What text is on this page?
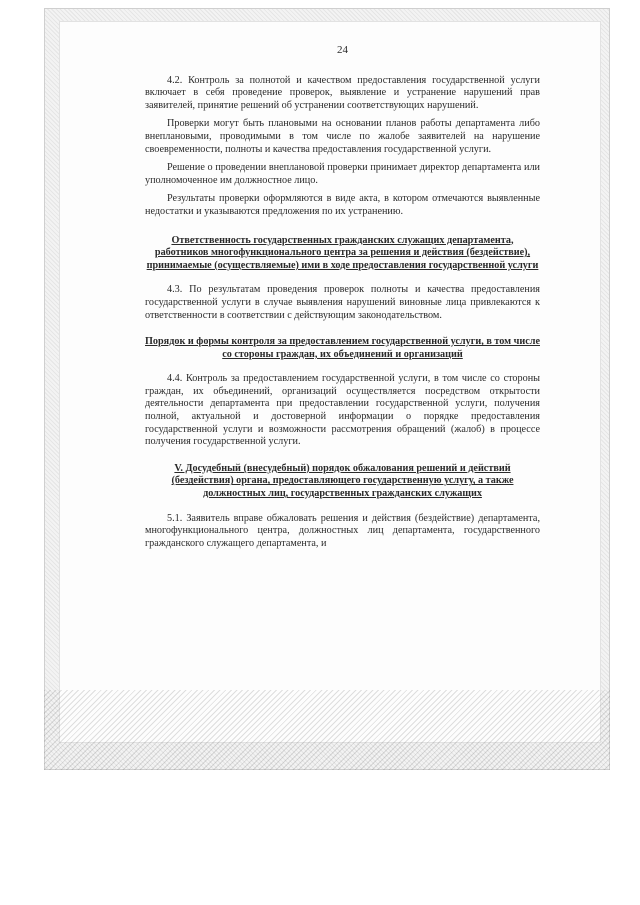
24

4.2. Контроль за полнотой и качеством предоставления государственной услуги включает в себя проведение проверок, выявление и устранение нарушений прав заявителей, принятие решений об устранении соответствующих нарушений.

Проверки могут быть плановыми на основании планов работы департамента либо внеплановыми, проводимыми в том числе по жалобе заявителей на нарушение своевременности, полноты и качества предоставления государственной услуги.

Решение о проведении внеплановой проверки принимает директор департамента или уполномоченное им должностное лицо.

Результаты проверки оформляются в виде акта, в котором отмечаются выявленные недостатки и указываются предложения по их устранению.

Ответственность государственных гражданских служащих департамента, работников многофункционального центра за решения и действия (бездействие), принимаемые (осуществляемые) ими в ходе предоставления государственной услуги

4.3. По результатам проведения проверок полноты и качества предоставления государственной услуги в случае выявления нарушений виновные лица привлекаются к ответственности в соответствии с действующим законодательством.

Порядок и формы контроля за предоставлением государственной услуги, в том числе со стороны граждан, их объединений и организаций

4.4. Контроль за предоставлением государственной услуги, в том числе со стороны граждан, их объединений, организаций осуществляется посредством открытости деятельности департамента при предоставлении государственной услуги, получения полной, актуальной и достоверной информации о порядке предоставления государственной услуги и возможности рассмотрения обращений (жалоб) в процессе получения государственной услуги.

V. Досудебный (внесудебный) порядок обжалования решений и действий (бездействия) органа, предоставляющего государственную услугу, а также должностных лиц, государственных гражданских служащих

5.1. Заявитель вправе обжаловать решения и действия (бездействие) департамента, многофункционального центра, должностных лиц департамента, государственного гражданского служащего департамента, и
